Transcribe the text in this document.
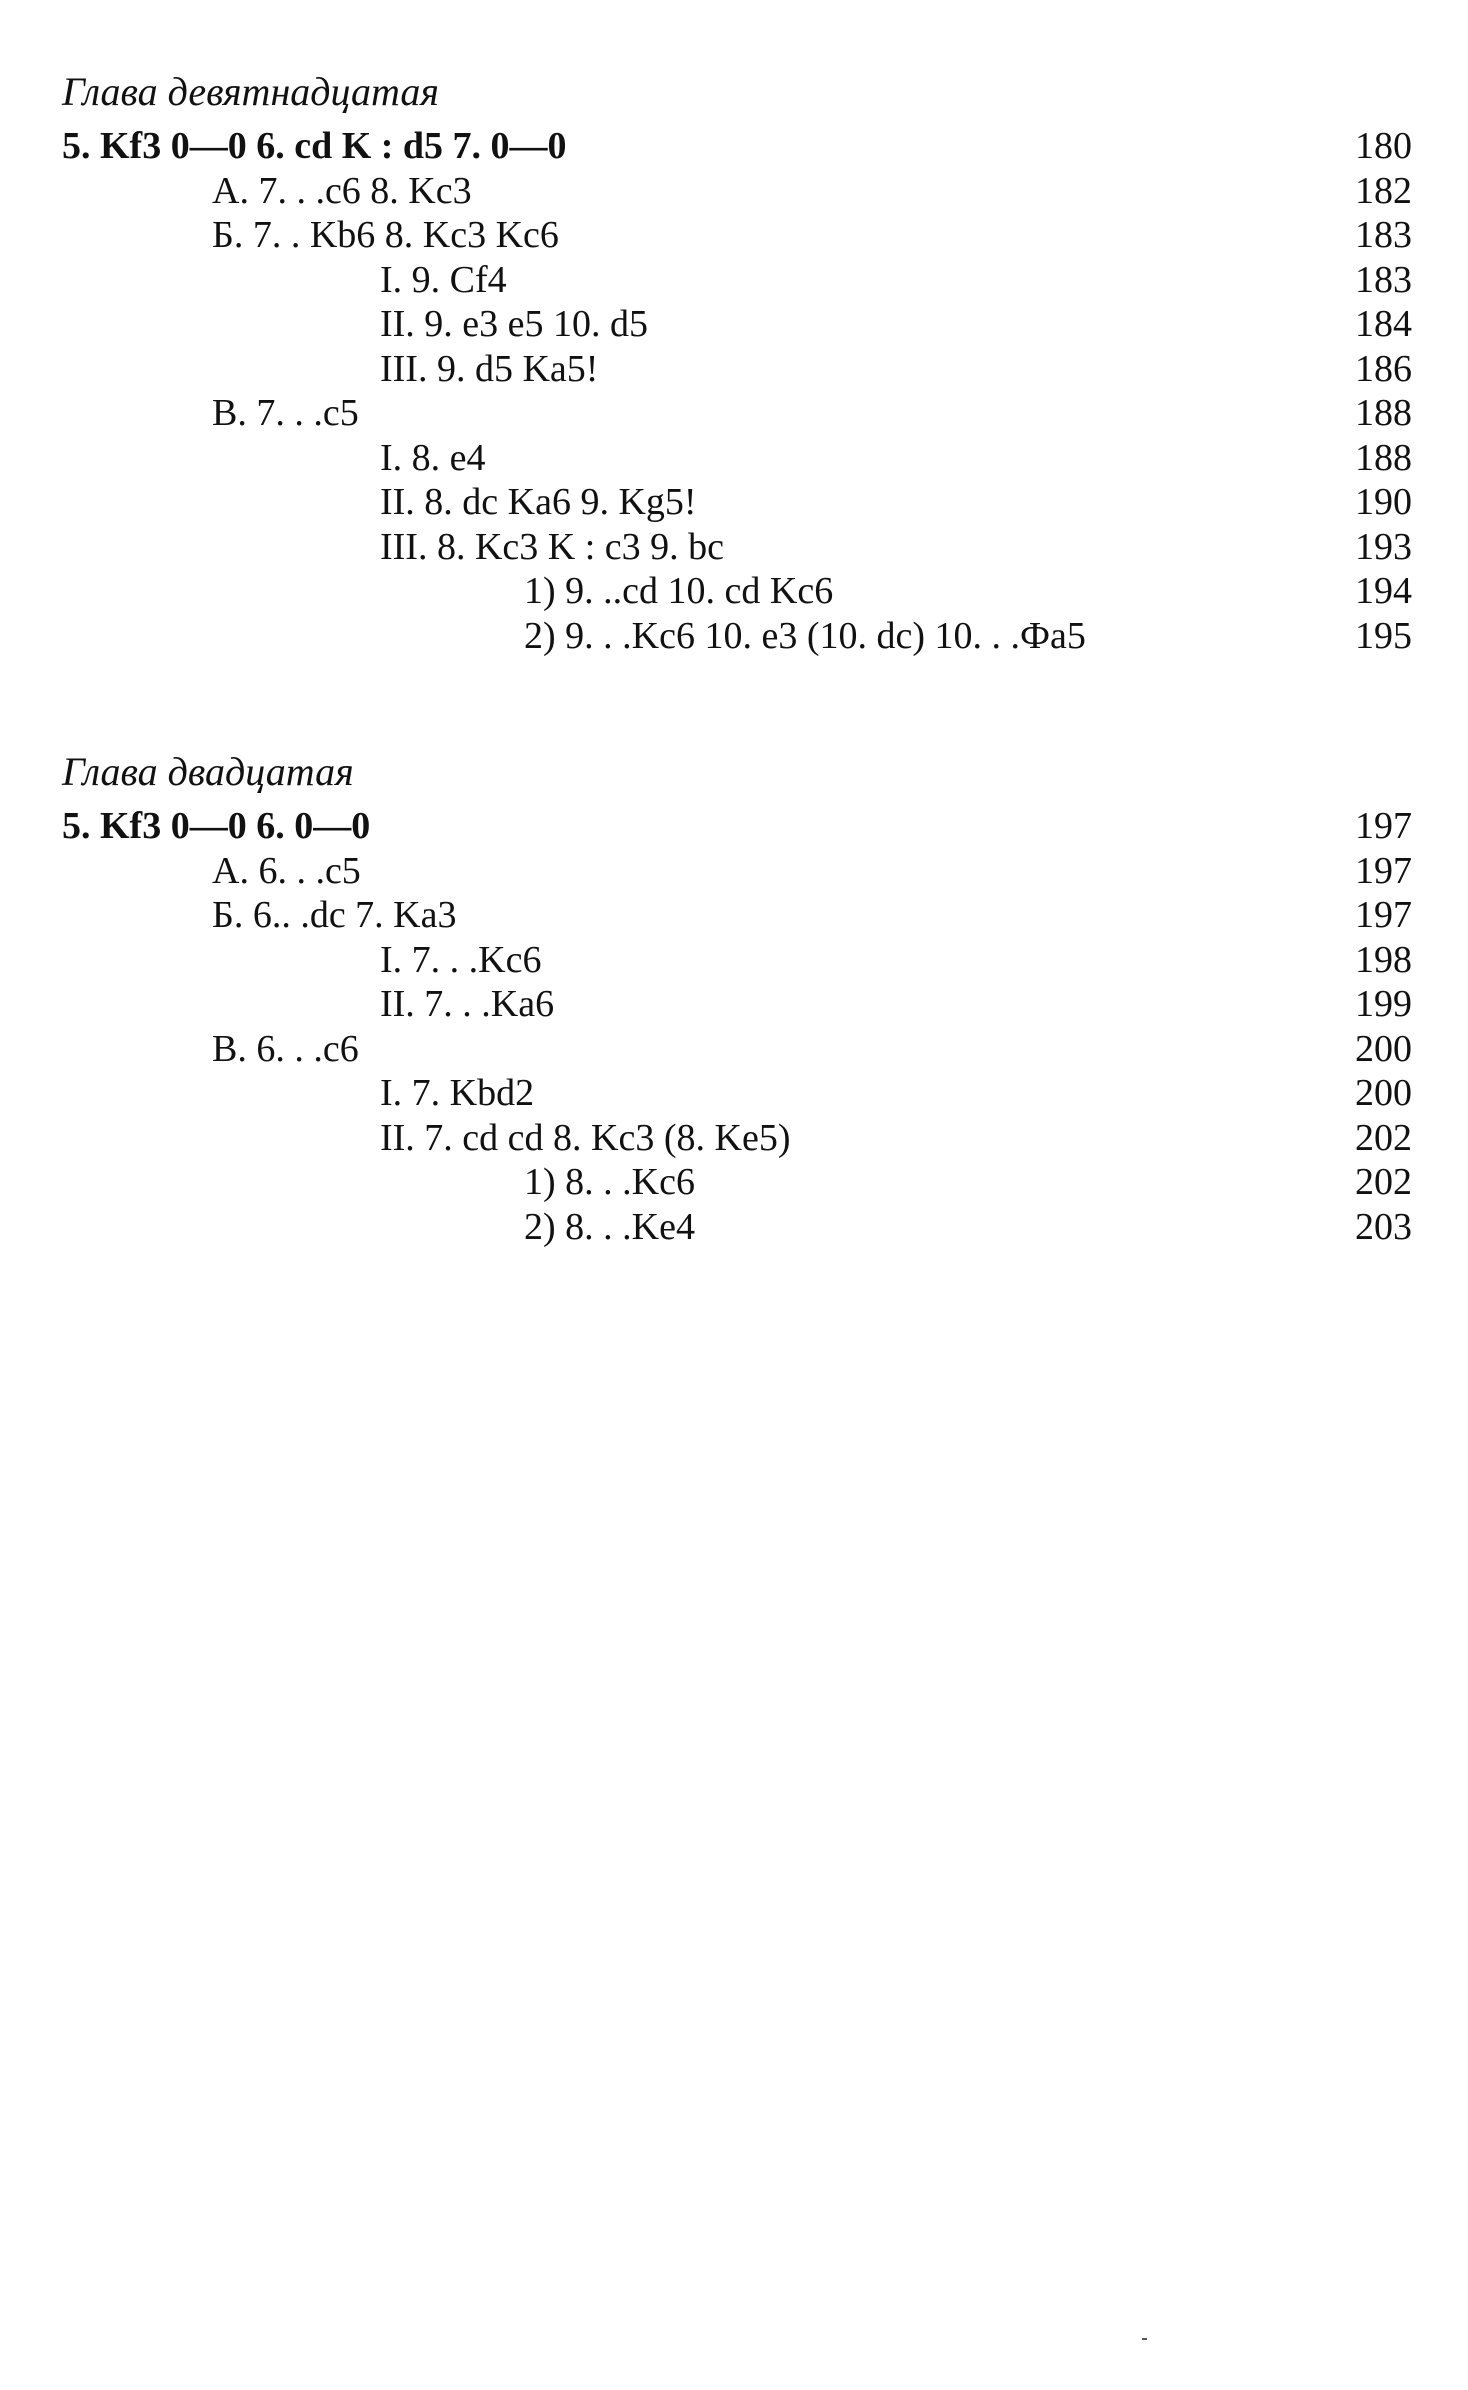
Глава девятнадцатая
5. Kf3 0—0 6. cd K : d5 7. 0—0	180
А. 7. . .c6 8. Kc3	182
Б. 7. . Kb6 8. Kc3 Kc6	183
I. 9. Cf4	183
II. 9. e3 e5 10. d5	184
III. 9. d5 Ka5!	186
B. 7. . .c5	188
I. 8. e4	188
II. 8. dc Ka6 9. Kg5!	190
III. 8. Kc3 K : c3 9. bc	193
1) 9. ..cd 10. cd Kc6	194
2) 9. . .Kc6 10. e3 (10. dc) 10. . .Фa5	195
Глава двадцатая
5. Kf3 0—0 6. 0—0	197
А. 6. . .c5	197
Б. 6.. .dc 7. Ka3	197
I. 7. . .Kc6	198
II. 7. . .Ka6	199
B. 6. . .c6	200
I. 7. Kbd2	200
II. 7. cd cd 8. Kc3 (8. Ke5)	202
1) 8. . .Kc6	202
2) 8. . .Ke4	203
